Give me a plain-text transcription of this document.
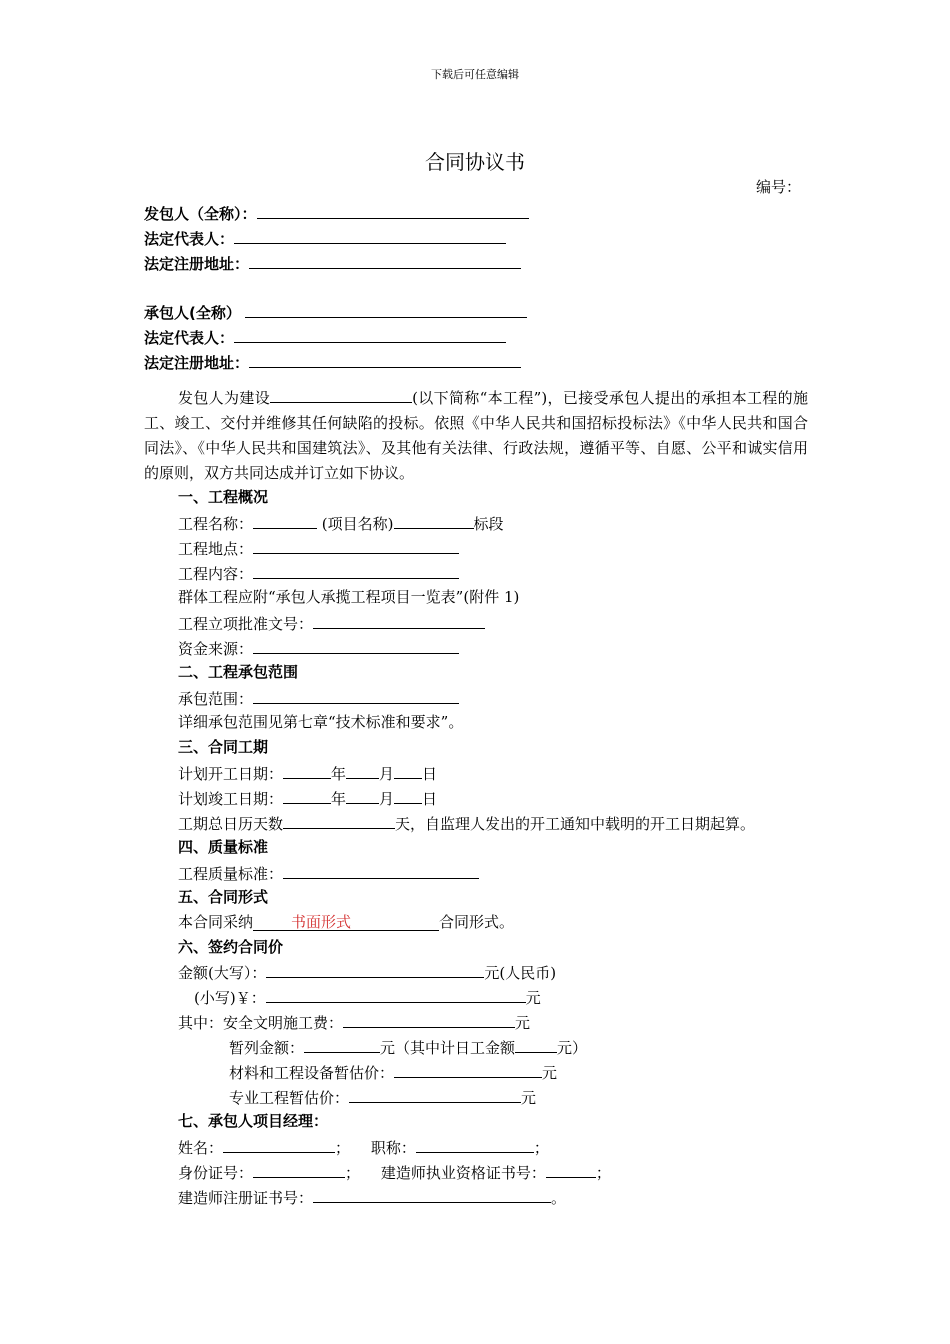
下载后可任意编辑
合同协议书
编号：
发包人（全称）：
法定代表人：
法定注册地址：
承包人(全称）
法定代表人：
法定注册地址：
发包人为建设	(以下简称“本工程”)，已接受承包人提出的承担本工程的施工、竣工、交付并维修其任何缺陷的投标。依照《中华人民共和国招标投标法》《中华人民共和国合同法》、《中华人民共和国建筑法》、及其他有关法律、行政法规，遵循平等、自愿、公平和诚实信用的原则，双方共同达成并订立如下协议。
一、工程概况
工程名称：	(项目名称)	标段
工程地点：
工程内容：
群体工程应附“承包人承揽工程项目一览表”(附件 1)
工程立项批准文号：
资金来源：
二、工程承包范围
承包范围：
详细承包范围见第七章“技术标准和要求”。
三、合同工期
计划开工日期：	年 月 日
计划竣工日期：	年 月 日
工期总日历天数	天，自监理人发出的开工通知中载明的开工日期起算。
四、质量标准
工程质量标准：
五、合同形式
本合同采纳	书面形式	合同形式。
六、签约合同价
金额(大写）：	元(人民币)
(小写)￥：	元
其中：安全文明施工费：	元
暂列金额：	元（其中计日工金额	元）
材料和工程设备暂估价：	元
专业工程暂估价：	元
七、承包人项目经理：
姓名：	； 职称：	；
身份证号：	； 建造师执业资格证书号：	；
建造师注册证书号：	。
